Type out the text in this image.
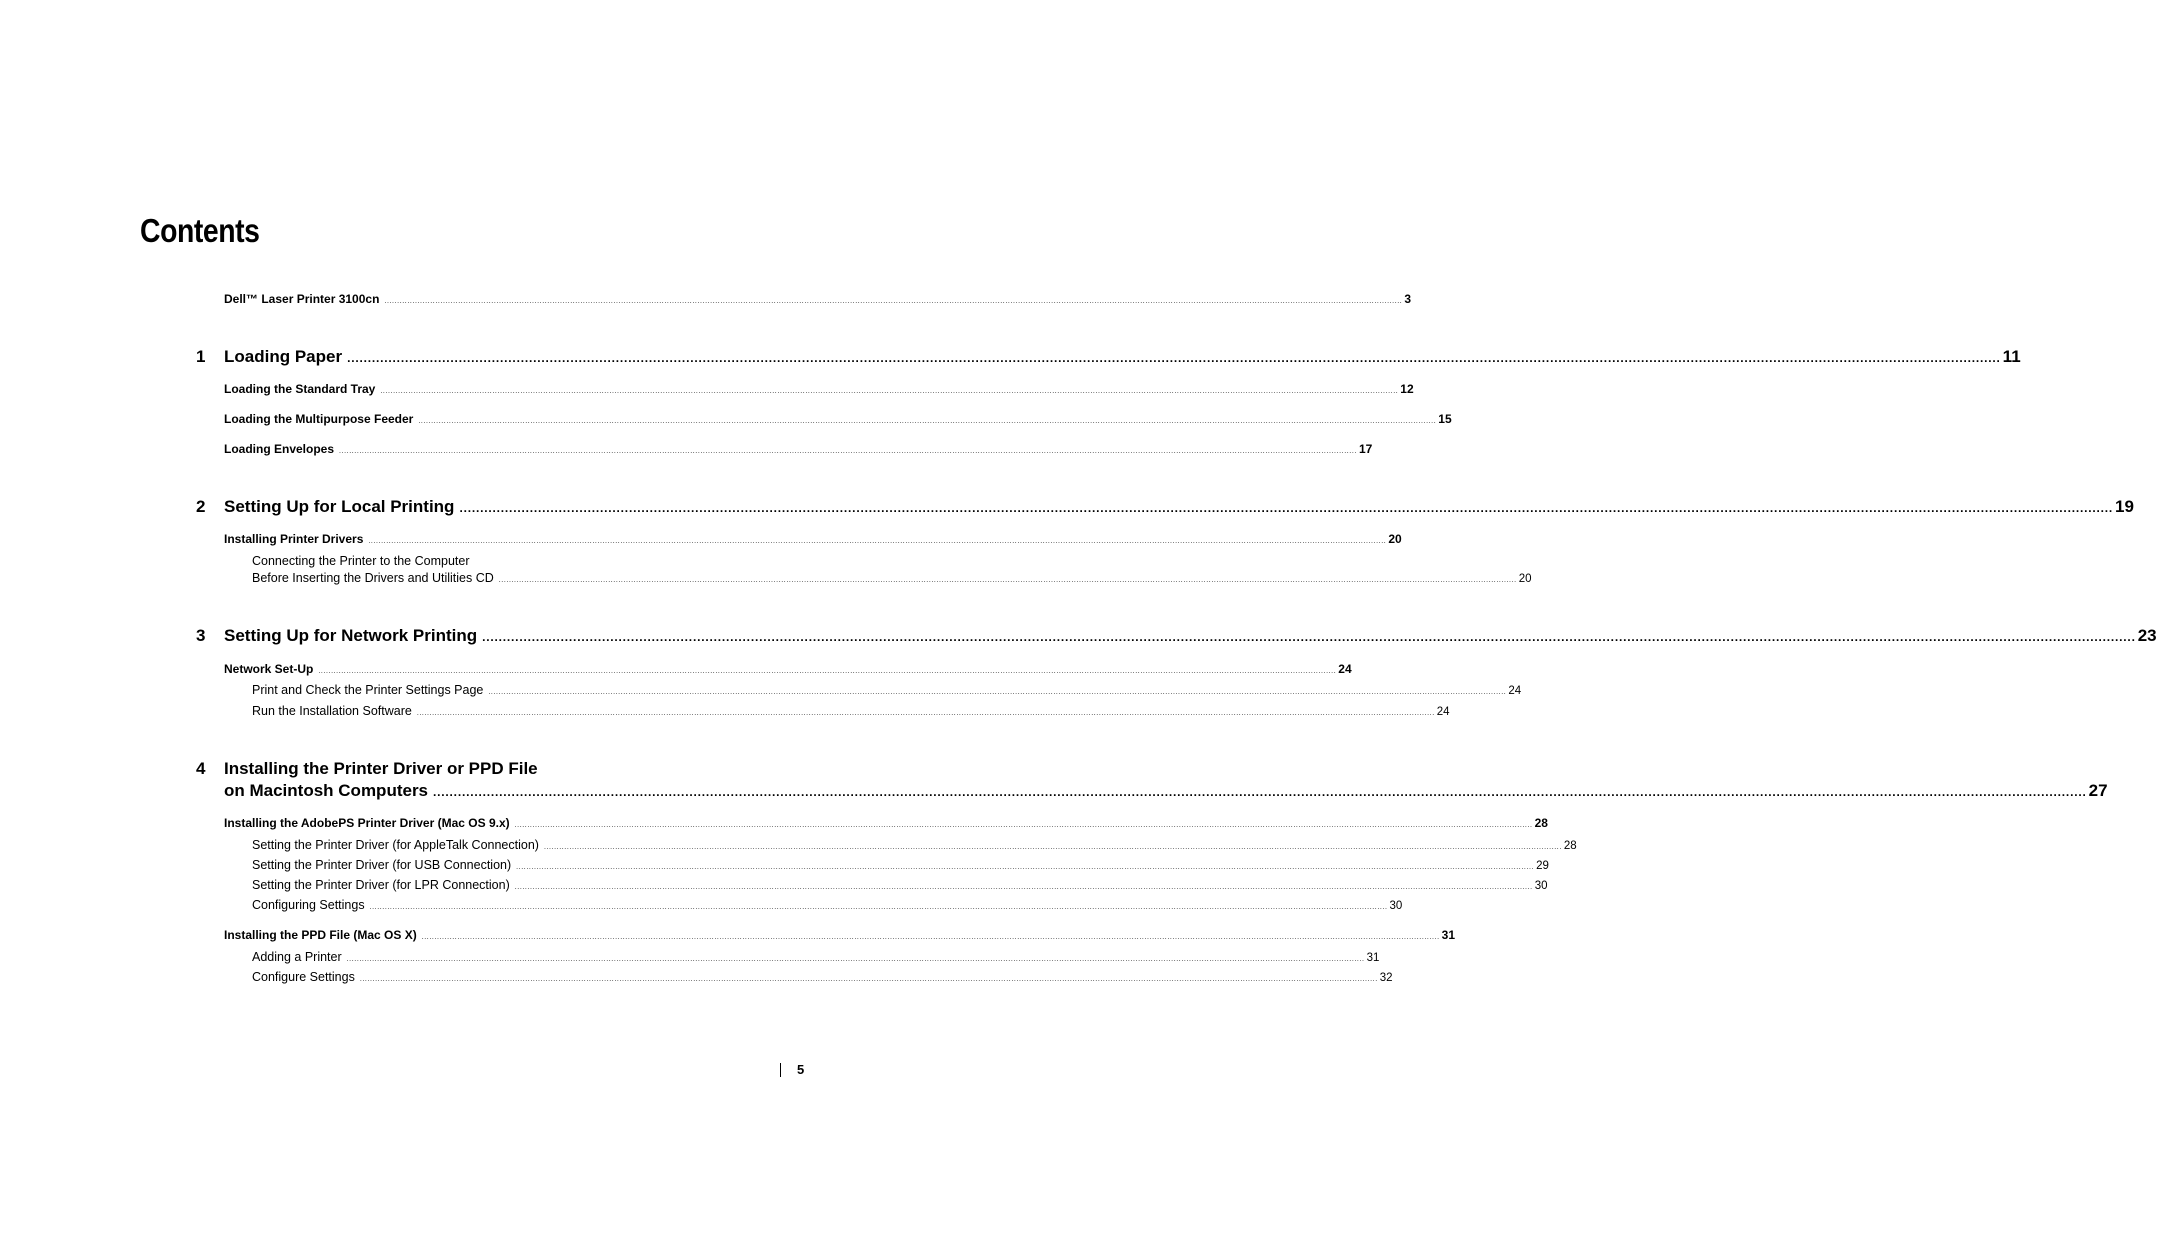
Contents
Dell™ Laser Printer 3100cn ................................................................................................................................................................................................................................................................................................................................................................................................................ 3
1 Loading Paper ................................................................................................................................................................................................................................................................................................................................................................................................................ 11
Loading the Standard Tray ................................................................................................................................................................................................................................................................................................................................................................................................................ 12
Loading the Multipurpose Feeder ................................................................................................................................................................................................................................................................................................................................................................................................................ 15
Loading Envelopes ................................................................................................................................................................................................................................................................................................................................................................................................................ 17
2 Setting Up for Local Printing ................................................................................................................................................................................................................................................................................................................................................................................................................ 19
Installing Printer Drivers ................................................................................................................................................................................................................................................................................................................................................................................................................ 20
Connecting the Printer to the Computer
Before Inserting the Drivers and Utilities CD ................................................................................................................................................................................................................................................................................................................................................................................................................ 20
3 Setting Up for Network Printing ................................................................................................................................................................................................................................................................................................................................................................................................................ 23
Network Set-Up ................................................................................................................................................................................................................................................................................................................................................................................................................ 24
Print and Check the Printer Settings Page ................................................................................................................................................................................................................................................................................................................................................................................................................ 24
Run the Installation Software ................................................................................................................................................................................................................................................................................................................................................................................................................ 24
4 Installing the Printer Driver or PPD File
on Macintosh Computers ................................................................................................................................................................................................................................................................................................................................................................................................................ 27
Installing the AdobePS Printer Driver (Mac OS 9.x) ................................................................................................................................................................................................................................................................................................................................................................................................................ 28
Setting the Printer Driver (for AppleTalk Connection) ................................................................................................................................................................................................................................................................................................................................................................................................................ 28
Setting the Printer Driver (for USB Connection) ................................................................................................................................................................................................................................................................................................................................................................................................................ 29
Setting the Printer Driver (for LPR Connection) ................................................................................................................................................................................................................................................................................................................................................................................................................ 30
Configuring Settings ................................................................................................................................................................................................................................................................................................................................................................................................................ 30
Installing the PPD File (Mac OS X) ................................................................................................................................................................................................................................................................................................................................................................................................................ 31
Adding a Printer ................................................................................................................................................................................................................................................................................................................................................................................................................ 31
Configure Settings ................................................................................................................................................................................................................................................................................................................................................................................................................ 32
5
